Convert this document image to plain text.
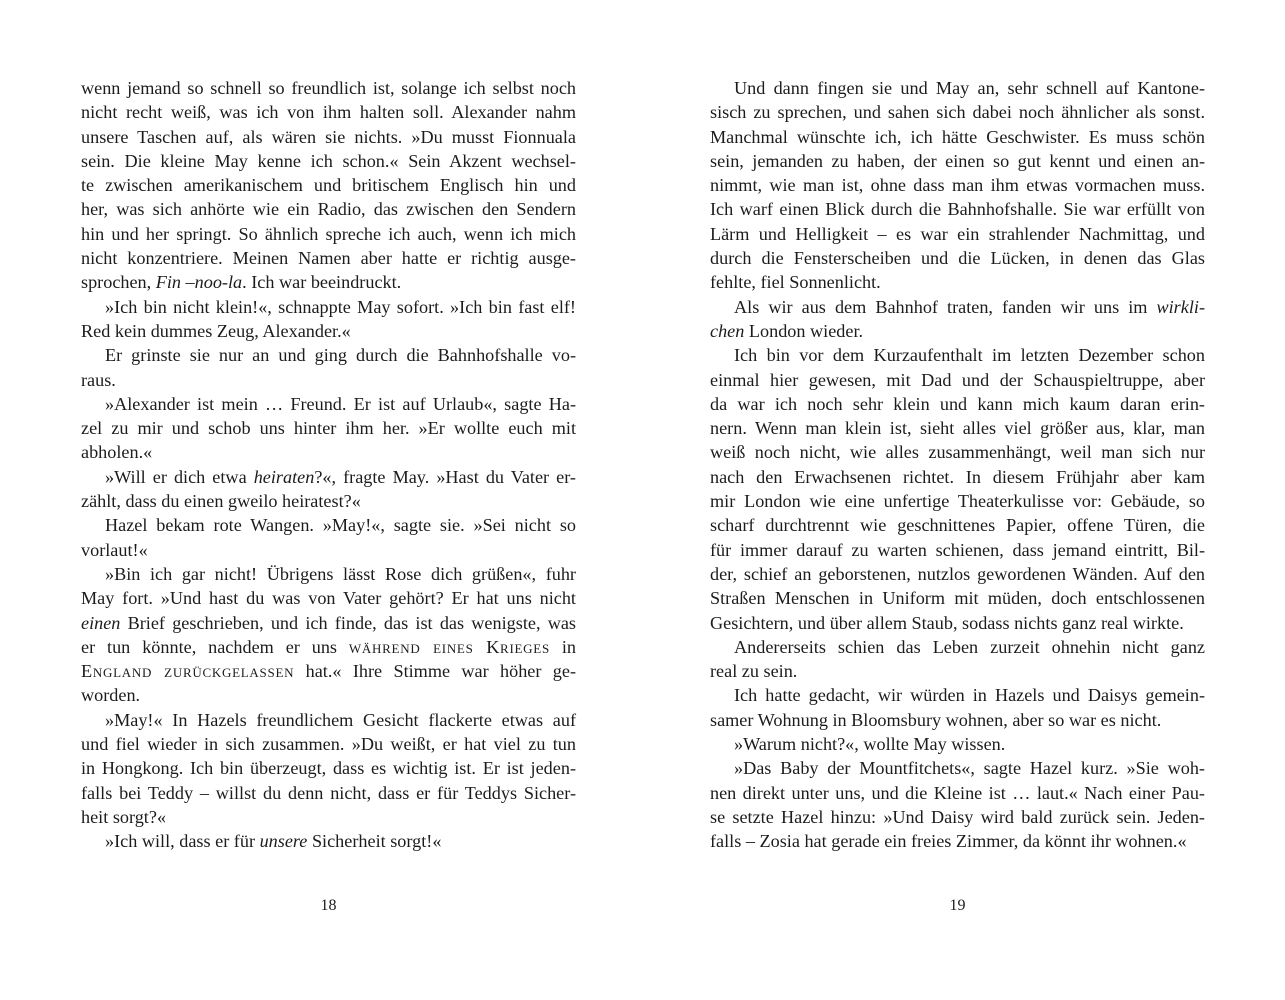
wenn jemand so schnell so freundlich ist, solange ich selbst noch
nicht recht weiß, was ich von ihm halten soll. Alexander nahm
unsere Taschen auf, als wären sie nichts. »Du musst Fionnuala
sein. Die kleine May kenne ich schon.« Sein Akzent wechsel-
te zwischen amerikanischem und britischem Englisch hin und
her, was sich anhörte wie ein Radio, das zwischen den Sendern
hin und her springt. So ähnlich spreche ich auch, wenn ich mich
nicht konzentriere. Meinen Namen aber hatte er richtig ausge-
sprochen, Fin –noo-la. Ich war beeindruckt.
»Ich bin nicht klein!«, schnappte May sofort. »Ich bin fast elf!
Red kein dummes Zeug, Alexander.«
Er grinste sie nur an und ging durch die Bahnhofshalle vo-
raus.
»Alexander ist mein … Freund. Er ist auf Urlaub«, sagte Ha-
zel zu mir und schob uns hinter ihm her. »Er wollte euch mit
abholen.«
»Will er dich etwa heiraten?«, fragte May. »Hast du Vater er-
zählt, dass du einen gweilo heiratest?«
Hazel bekam rote Wangen. »May!«, sagte sie. »Sei nicht so
vorlaut!«
»Bin ich gar nicht! Übrigens lässt Rose dich grüßen«, fuhr
May fort. »Und hast du was von Vater gehört? Er hat uns nicht
einen Brief geschrieben, und ich finde, das ist das wenigste, was
er tun könnte, nachdem er uns während eines Krieges in
England zurückgelassen hat.« Ihre Stimme war höher ge-
worden.
»May!« In Hazels freundlichem Gesicht flackerte etwas auf
und fiel wieder in sich zusammen. »Du weißt, er hat viel zu tun
in Hongkong. Ich bin überzeugt, dass es wichtig ist. Er ist jeden-
falls bei Teddy – willst du denn nicht, dass er für Teddys Sicher-
heit sorgt?«
»Ich will, dass er für unsere Sicherheit sorgt!«
18
Und dann fingen sie und May an, sehr schnell auf Kantone-
sisch zu sprechen, und sahen sich dabei noch ähnlicher als sonst.
Manchmal wünschte ich, ich hätte Geschwister. Es muss schön
sein, jemanden zu haben, der einen so gut kennt und einen an-
nimmt, wie man ist, ohne dass man ihm etwas vormachen muss.
Ich warf einen Blick durch die Bahnhofshalle. Sie war erfüllt von
Lärm und Helligkeit – es war ein strahlender Nachmittag, und
durch die Fensterscheiben und die Lücken, in denen das Glas
fehlte, fiel Sonnenlicht.
Als wir aus dem Bahnhof traten, fanden wir uns im wirkli-
chen London wieder.
Ich bin vor dem Kurzaufenthalt im letzten Dezember schon
einmal hier gewesen, mit Dad und der Schauspieltruppe, aber
da war ich noch sehr klein und kann mich kaum daran erin-
nern. Wenn man klein ist, sieht alles viel größer aus, klar, man
weiß noch nicht, wie alles zusammenhängt, weil man sich nur
nach den Erwachsenen richtet. In diesem Frühjahr aber kam
mir London wie eine unfertige Theaterkulisse vor: Gebäude, so
scharf durchtrennt wie geschnittenes Papier, offene Türen, die
für immer darauf zu warten schienen, dass jemand eintritt, Bil-
der, schief an geborstenen, nutzlos gewordenen Wänden. Auf den
Straßen Menschen in Uniform mit müden, doch entschlossenen
Gesichtern, und über allem Staub, sodass nichts ganz real wirkte.
Andererseits schien das Leben zurzeit ohnehin nicht ganz
real zu sein.
Ich hatte gedacht, wir würden in Hazels und Daisys gemein-
samer Wohnung in Bloomsbury wohnen, aber so war es nicht.
»Warum nicht?«, wollte May wissen.
»Das Baby der Mountfitchets«, sagte Hazel kurz. »Sie woh-
nen direkt unter uns, und die Kleine ist … laut.« Nach einer Pau-
se setzte Hazel hinzu: »Und Daisy wird bald zurück sein. Jeden-
falls – Zosia hat gerade ein freies Zimmer, da könnt ihr wohnen.«
19
